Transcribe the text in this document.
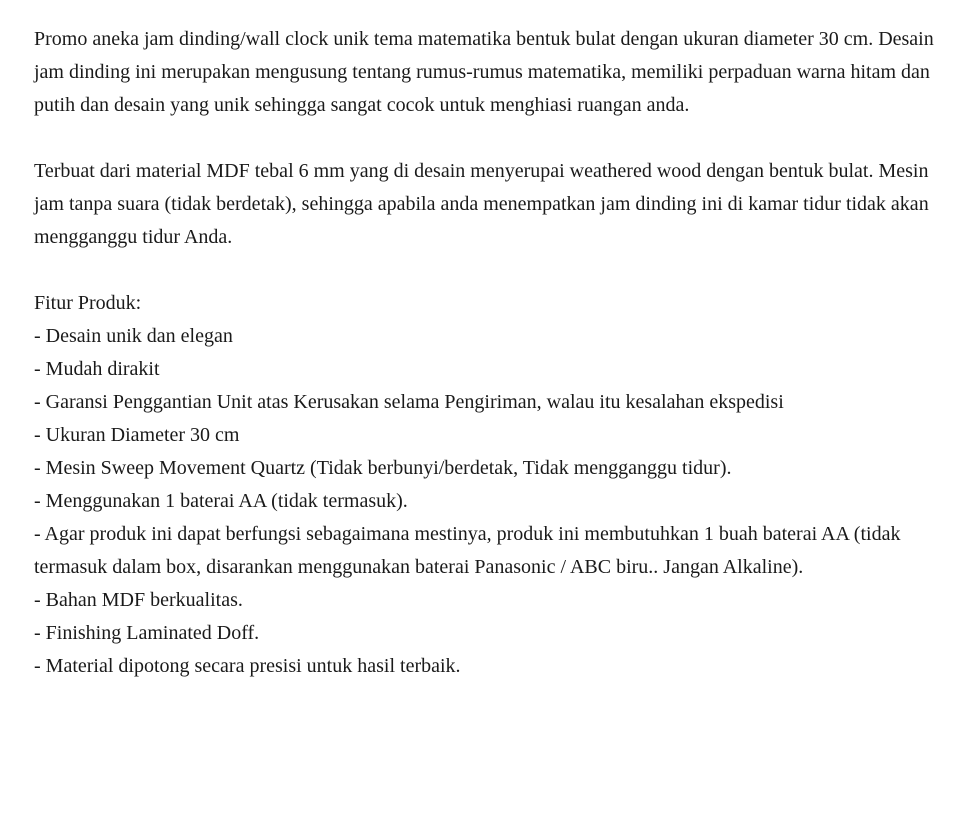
Promo aneka jam dinding/wall clock unik tema matematika bentuk bulat dengan ukuran diameter 30 cm. Desain jam dinding ini merupakan mengusung tentang rumus-rumus matematika, memiliki perpaduan warna hitam dan putih dan desain yang unik sehingga sangat cocok untuk menghiasi ruangan anda.

Terbuat dari material MDF tebal 6 mm yang di desain menyerupai weathered wood dengan bentuk bulat. Mesin jam tanpa suara (tidak berdetak), sehingga apabila anda menempatkan jam dinding ini di kamar tidur tidak akan mengganggu tidur Anda.

Fitur Produk:
- Desain unik dan elegan
- Mudah dirakit
- Garansi Penggantian Unit atas Kerusakan selama Pengiriman, walau itu kesalahan ekspedisi
- Ukuran Diameter 30 cm
- Mesin Sweep Movement Quartz (Tidak berbunyi/berdetak, Tidak mengganggu tidur).
- Menggunakan 1 baterai AA (tidak termasuk).
- Agar produk ini dapat berfungsi sebagaimana mestinya, produk ini membutuhkan 1 buah baterai AA (tidak termasuk dalam box, disarankan menggunakan baterai Panasonic / ABC biru.. Jangan Alkaline).
- Bahan MDF berkualitas.
- Finishing Laminated Doff.
- Material dipotong secara presisi untuk hasil terbaik.
